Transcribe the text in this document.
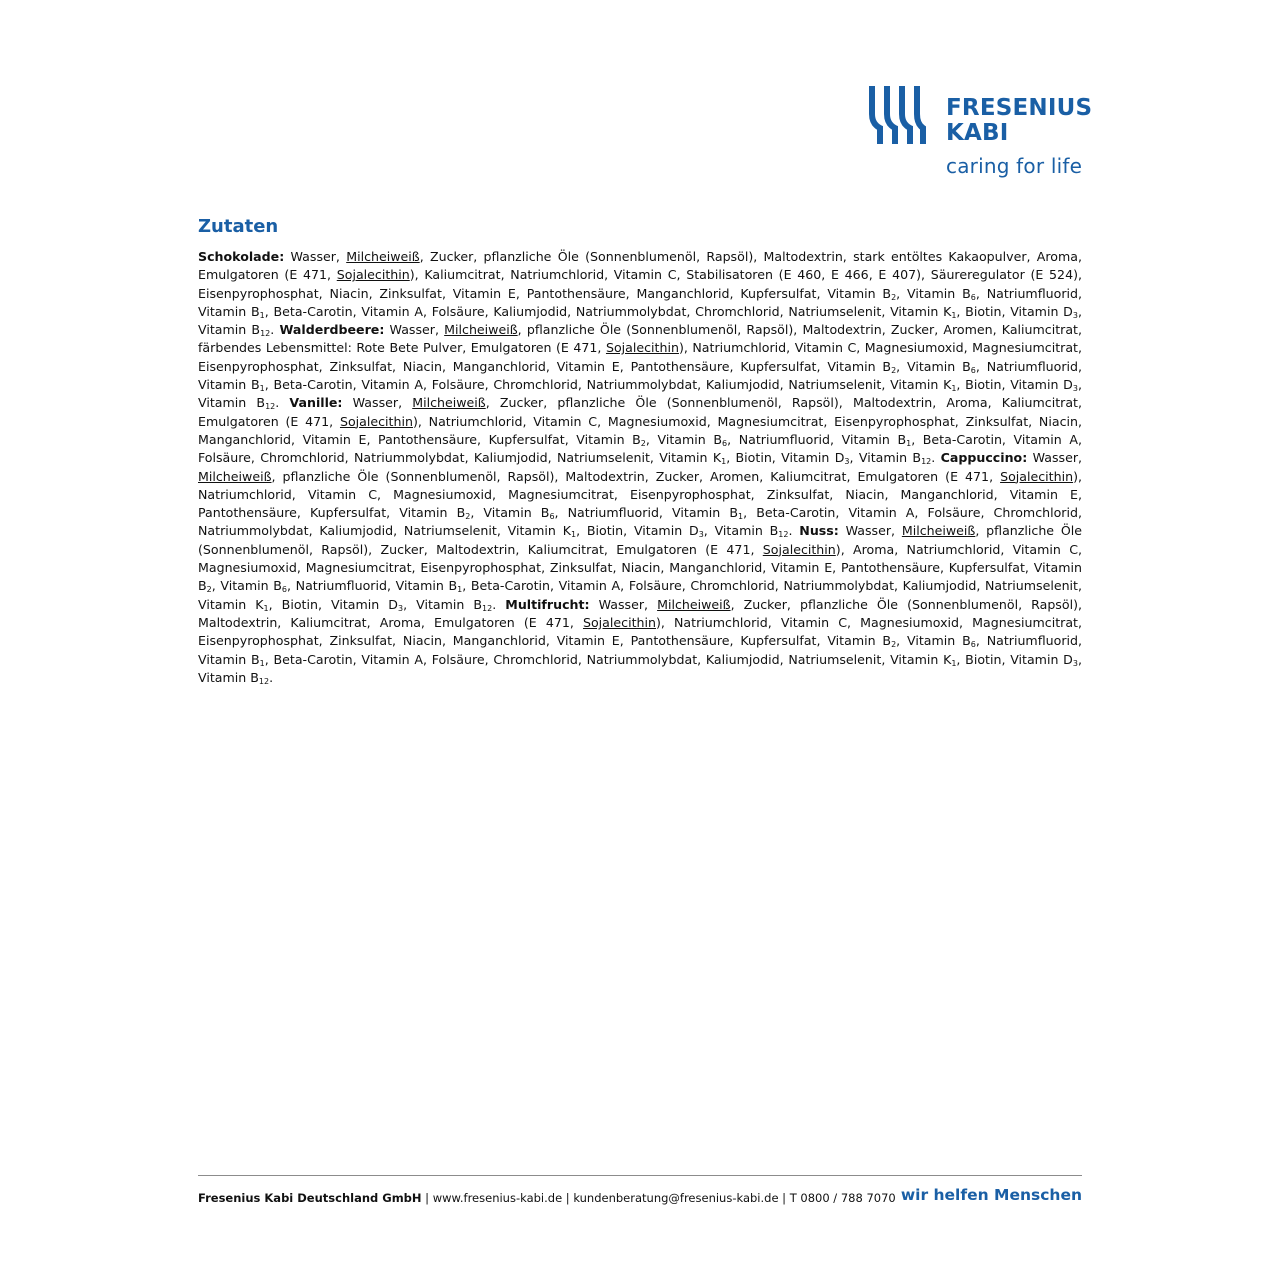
FRESENIUS
KABI
caring for life
Zutaten

Schokolade: Wasser, Milcheiweiß, Zucker, pflanzliche Öle (Sonnenblumenöl, Rapsöl), Maltodextrin, stark entöltes Kakaopulver, Aroma, Emulgatoren (E 471, Sojalecithin), Kaliumcitrat, Natriumchlorid, Vitamin C, Stabilisatoren (E 460, E 466, E 407), Säureregulator (E 524), Eisenpyrophosphat, Niacin, Zinksulfat, Vitamin E, Pantothensäure, Manganchlorid, Kupfersulfat, Vitamin $B_2$, Vitamin $B_6$, Natriumfluorid, Vitamin $B_1$, Beta-Carotin, Vitamin A, Folsäure, Kaliumjodid, Natriummolybdat, Chromchlorid, Natriumselenit, Vitamin $K_1$, Biotin, Vitamin $D_3$, Vitamin $B_{12}$. Walderdbeere: Wasser, Milcheiweiß, pflanzliche Öle (Sonnenblumenöl, Rapsöl), Maltodextrin, Zucker, Aromen, Kaliumcitrat, färbendes Lebensmittel: Rote Bete Pulver, Emulgatoren (E 471, Sojalecithin), Natriumchlorid, Vitamin C, Magnesiumoxid, Magnesiumcitrat, Eisenpyrophosphat, Zinksulfat, Niacin, Manganchlorid, Vitamin E, Pantothensäure, Kupfersulfat, Vitamin $B_2$, Vitamin $B_6$, Natriumfluorid, Vitamin $B_1$, Beta-Carotin, Vitamin A, Folsäure, Chromchlorid, Natriummolybdat, Kaliumjodid, Natriumselenit, Vitamin $K_1$, Biotin, Vitamin $D_3$, Vitamin $B_{12}$. Vanille: Wasser, Milcheiweiß, Zucker, pflanzliche Öle (Sonnenblumenöl, Rapsöl), Maltodextrin, Aroma, Kaliumcitrat, Emulgatoren (E 471, Sojalecithin), Natriumchlorid, Vitamin C, Magnesiumoxid, Magnesiumcitrat, Eisenpyrophosphat, Zinksulfat, Niacin, Manganchlorid, Vitamin E, Pantothensäure, Kupfersulfat, Vitamin $B_2$, Vitamin $B_6$, Natriumfluorid, Vitamin $B_1$, Beta-Carotin, Vitamin A, Folsäure, Chromchlorid, Natriummolybdat, Kaliumjodid, Natriumselenit, Vitamin $K_1$, Biotin, Vitamin $D_3$, Vitamin $B_{12}$. Cappuccino: Wasser, Milcheiweiß, pflanzliche Öle (Sonnenblumenöl, Rapsöl), Maltodextrin, Zucker, Aromen, Kaliumcitrat, Emulgatoren (E 471, Sojalecithin), Natriumchlorid, Vitamin C, Magnesiumoxid, Magnesiumcitrat, Eisenpyrophosphat, Zinksulfat, Niacin, Manganchlorid, Vitamin E, Pantothensäure, Kupfersulfat, Vitamin $B_2$, Vitamin $B_6$, Natriumfluorid, Vitamin $B_1$, Beta-Carotin, Vitamin A, Folsäure, Chromchlorid, Natriummolybdat, Kaliumjodid, Natriumselenit, Vitamin $K_1$, Biotin, Vitamin $D_3$, Vitamin $B_{12}$. Nuss: Wasser, Milcheiweiß, pflanzliche Öle (Sonnenblumenöl, Rapsöl), Zucker, Maltodextrin, Kaliumcitrat, Emulgatoren (E 471, Sojalecithin), Aroma, Natriumchlorid, Vitamin C, Magnesiumoxid, Magnesiumcitrat, Eisenpyrophosphat, Zinksulfat, Niacin, Manganchlorid, Vitamin E, Pantothensäure, Kupfersulfat, Vitamin $B_2$, Vitamin $B_6$, Natriumfluorid, Vitamin $B_1$, Beta-Carotin, Vitamin A, Folsäure, Chromchlorid, Natriummolybdat, Kaliumjodid, Natriumselenit, Vitamin $K_1$, Biotin, Vitamin $D_3$, Vitamin $B_{12}$. Multifrucht: Wasser, Milcheiweiß, Zucker, pflanzliche Öle (Sonnenblumenöl, Rapsöl), Maltodextrin, Kaliumcitrat, Aroma, Emulgatoren (E 471, Sojalecithin), Natriumchlorid, Vitamin C, Magnesiumoxid, Magnesiumcitrat, Eisenpyrophosphat, Zinksulfat, Niacin, Manganchlorid, Vitamin E, Pantothensäure, Kupfersulfat, Vitamin $B_2$, Vitamin $B_6$, Natriumfluorid, Vitamin $B_1$, Beta-Carotin, Vitamin A, Folsäure, Chromchlorid, Natriummolybdat, Kaliumjodid, Natriumselenit, Vitamin $K_1$, Biotin, Vitamin $D_3$, Vitamin $B_{12}$.

Fresenius Kabi Deutschland GmbH | www.fresenius-kabi.de | kundenberatung@fresenius-kabi.de | T 0800 / 788 7070 wir helfen Menschen
